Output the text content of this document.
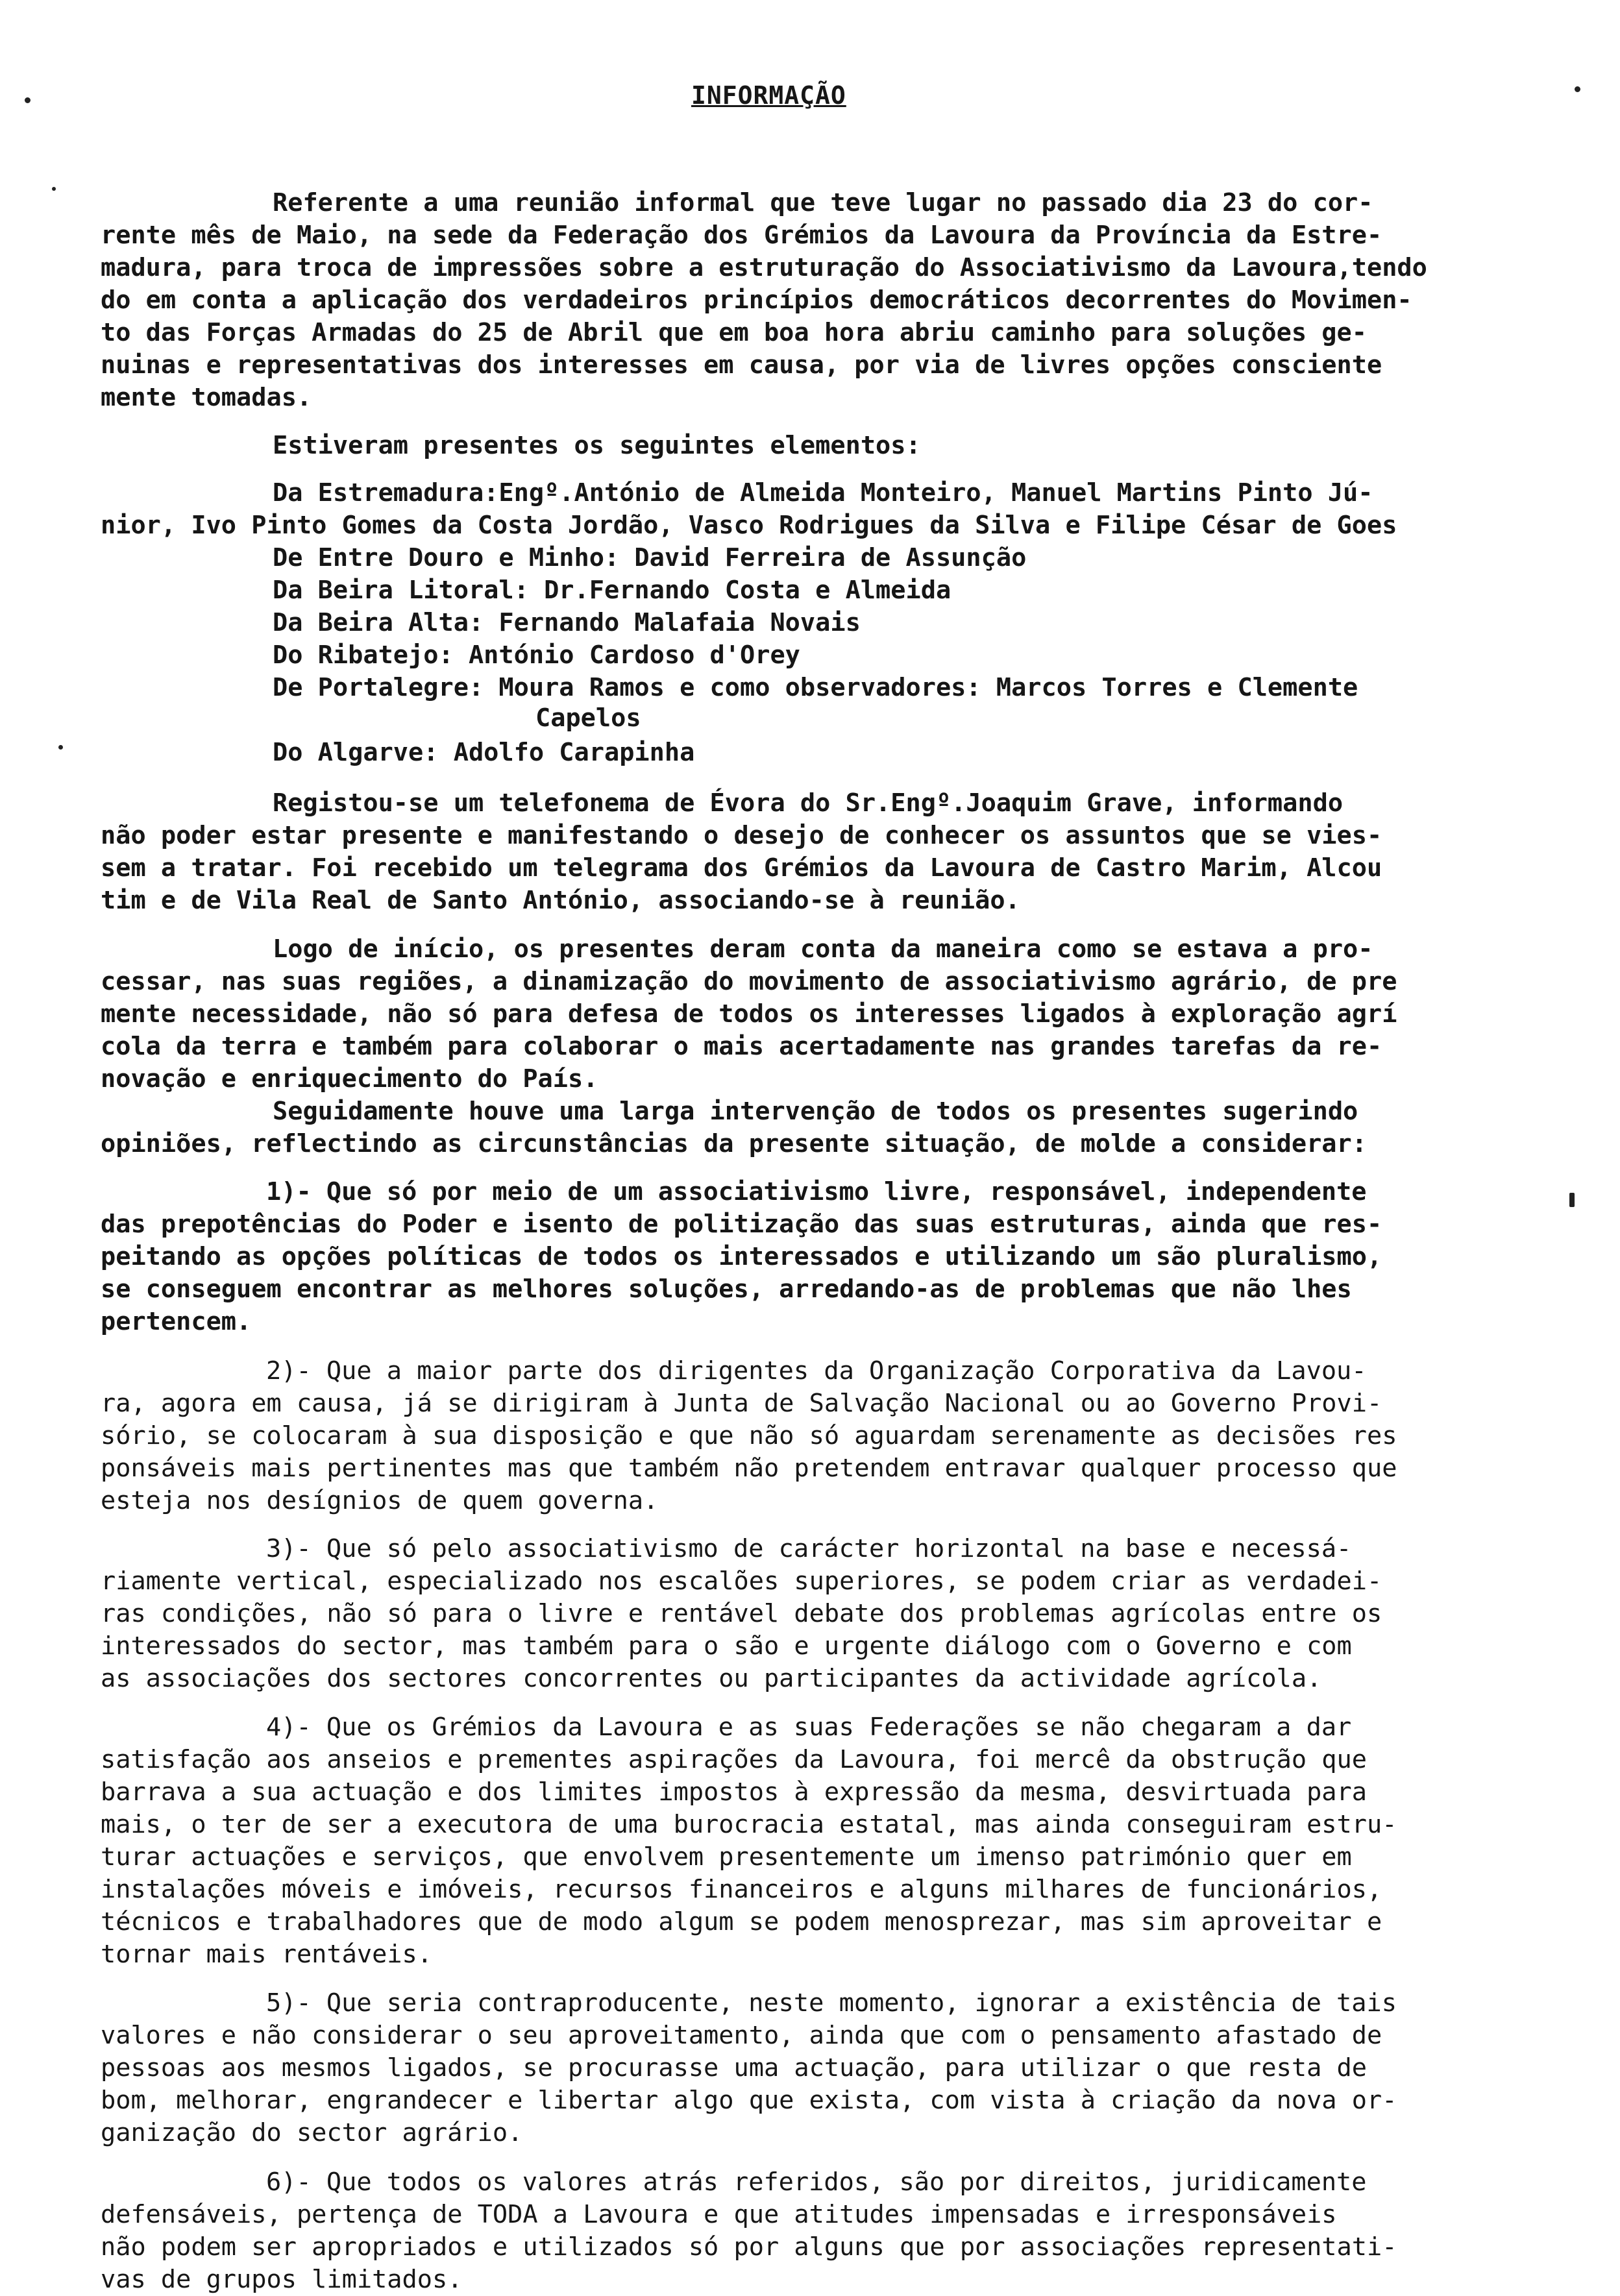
INFORMAÇÃO
Referente a uma reunião informal que teve lugar no passado dia 23 do cor-
rente mês de Maio, na sede da Federação dos Grémios da Lavoura da Província da Estre-
madura, para troca de impressões sobre a estruturação do Associativismo da Lavoura,tendo
do em conta a aplicação dos verdadeiros princípios democráticos decorrentes do Movimen-
to das Forças Armadas do 25 de Abril que em boa hora abriu caminho para soluções ge-
nuinas e representativas dos interesses em causa, por via de livres opções consciente
mente tomadas.
Estiveram presentes os seguintes elementos:
Da Estremadura:Engº.António de Almeida Monteiro, Manuel Martins Pinto Jú-
nior, Ivo Pinto Gomes da Costa Jordão, Vasco Rodrigues da Silva e Filipe César de Goes
De Entre Douro e Minho: David Ferreira de Assunção
Da Beira Litoral: Dr.Fernando Costa e Almeida
Da Beira Alta: Fernando Malafaia Novais
Do Ribatejo: António Cardoso d'Orey
De Portalegre: Moura Ramos e como observadores: Marcos Torres e Clemente
Capelos
Do Algarve: Adolfo Carapinha
Registou-se um telefonema de Évora do Sr.Engº.Joaquim Grave, informando
não poder estar presente e manifestando o desejo de conhecer os assuntos que se vies-
sem a tratar. Foi recebido um telegrama dos Grémios da Lavoura de Castro Marim, Alcou
tim e de Vila Real de Santo António, associando-se à reunião.
Logo de início, os presentes deram conta da maneira como se estava a pro-
cessar, nas suas regiões, a dinamização do movimento de associativismo agrário, de pre
mente necessidade, não só para defesa de todos os interesses ligados à exploração agrí
cola da terra e também para colaborar o mais acertadamente nas grandes tarefas da re-
novação e enriquecimento do País.
Seguidamente houve uma larga intervenção de todos os presentes sugerindo
opiniões, reflectindo as circunstâncias da presente situação, de molde a considerar:
1)- Que só por meio de um associativismo livre, responsável, independente
das prepotências do Poder e isento de politização das suas estruturas, ainda que res-
peitando as opções políticas de todos os interessados e utilizando um são pluralismo,
se conseguem encontrar as melhores soluções, arredando-as de problemas que não lhes
pertencem.
2)- Que a maior parte dos dirigentes da Organização Corporativa da Lavou-
ra, agora em causa, já se dirigiram à Junta de Salvação Nacional ou ao Governo Provi-
sório, se colocaram à sua disposição e que não só aguardam serenamente as decisões res
ponsáveis mais pertinentes mas que também não pretendem entravar qualquer processo que
esteja nos desígnios de quem governa.
3)- Que só pelo associativismo de carácter horizontal na base e necessá-
riamente vertical, especializado nos escalões superiores, se podem criar as verdadei-
ras condições, não só para o livre e rentável debate dos problemas agrícolas entre os
interessados do sector, mas também para o são e urgente diálogo com o Governo e com
as associações dos sectores concorrentes ou participantes da actividade agrícola.
4)- Que os Grémios da Lavoura e as suas Federações se não chegaram a dar
satisfação aos anseios e prementes aspirações da Lavoura, foi mercê da obstrução que
barrava a sua actuação e dos limites impostos à expressão da mesma, desvirtuada para
mais, o ter de ser a executora de uma burocracia estatal, mas ainda conseguiram estru-
turar actuações e serviços, que envolvem presentemente um imenso património quer em
instalações móveis e imóveis, recursos financeiros e alguns milhares de funcionários,
técnicos e trabalhadores que de modo algum se podem menosprezar, mas sim aproveitar e
tornar mais rentáveis.
5)- Que seria contraproducente, neste momento, ignorar a existência de tais
valores e não considerar o seu aproveitamento, ainda que com o pensamento afastado de
pessoas aos mesmos ligados, se procurasse uma actuação, para utilizar o que resta de
bom, melhorar, engrandecer e libertar algo que exista, com vista à criação da nova or-
ganização do sector agrário.
6)- Que todos os valores atrás referidos, são por direitos, juridicamente
defensáveis, pertença de TODA a Lavoura e que atitudes impensadas e irresponsáveis
não podem ser apropriados e utilizados só por alguns que por associações representati-
vas de grupos limitados.
